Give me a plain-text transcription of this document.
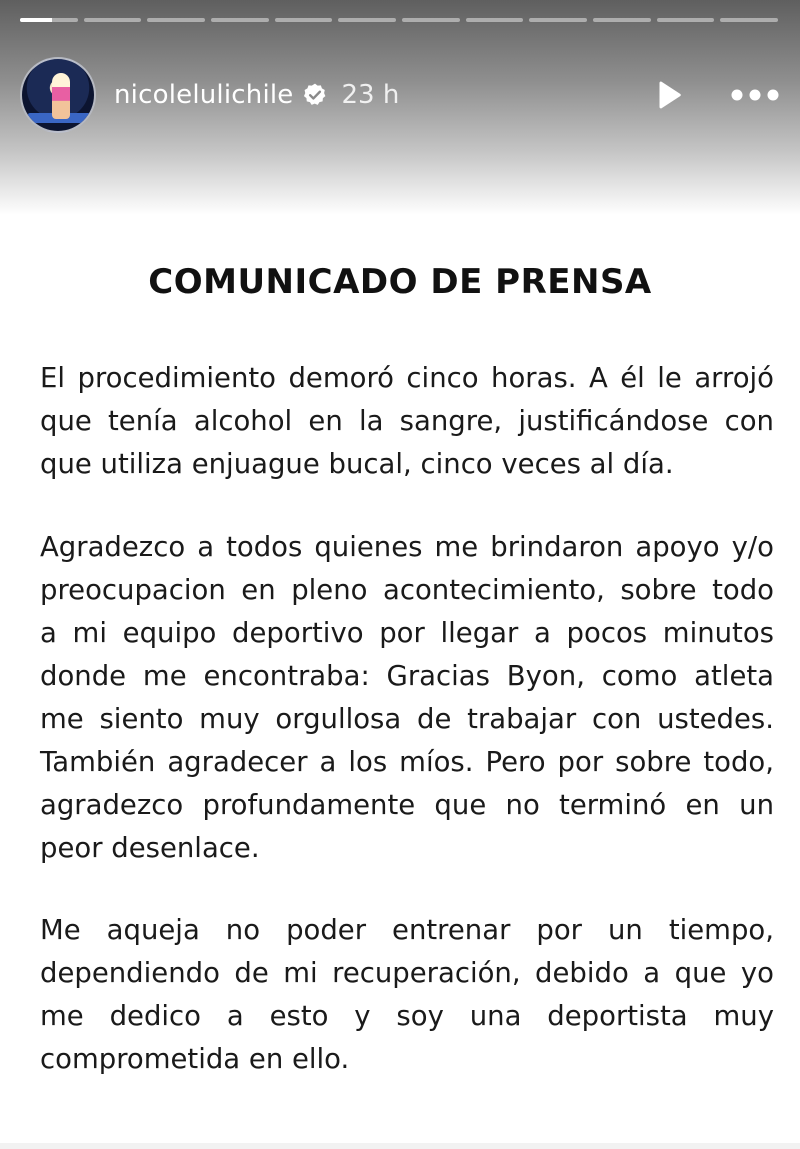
nicolelulichile 23 h
COMUNICADO DE PRENSA
El procedimiento demoró cinco horas. A él le arrojó
que tenía alcohol en la sangre, justificándose con
que utiliza enjuague bucal, cinco veces al día.
Agradezco a todos quienes me brindaron apoyo y/o
preocupacion en pleno acontecimiento, sobre todo
a mi equipo deportivo por llegar a pocos minutos
donde me encontraba: Gracias Byon, como atleta
me siento muy orgullosa de trabajar con ustedes.
También agradecer a los míos. Pero por sobre todo,
agradezco profundamente que no terminó en un
peor desenlace.
Me aqueja no poder entrenar por un tiempo,
dependiendo de mi recuperación, debido a que yo
me dedico a esto y soy una deportista muy
comprometida en ello.
